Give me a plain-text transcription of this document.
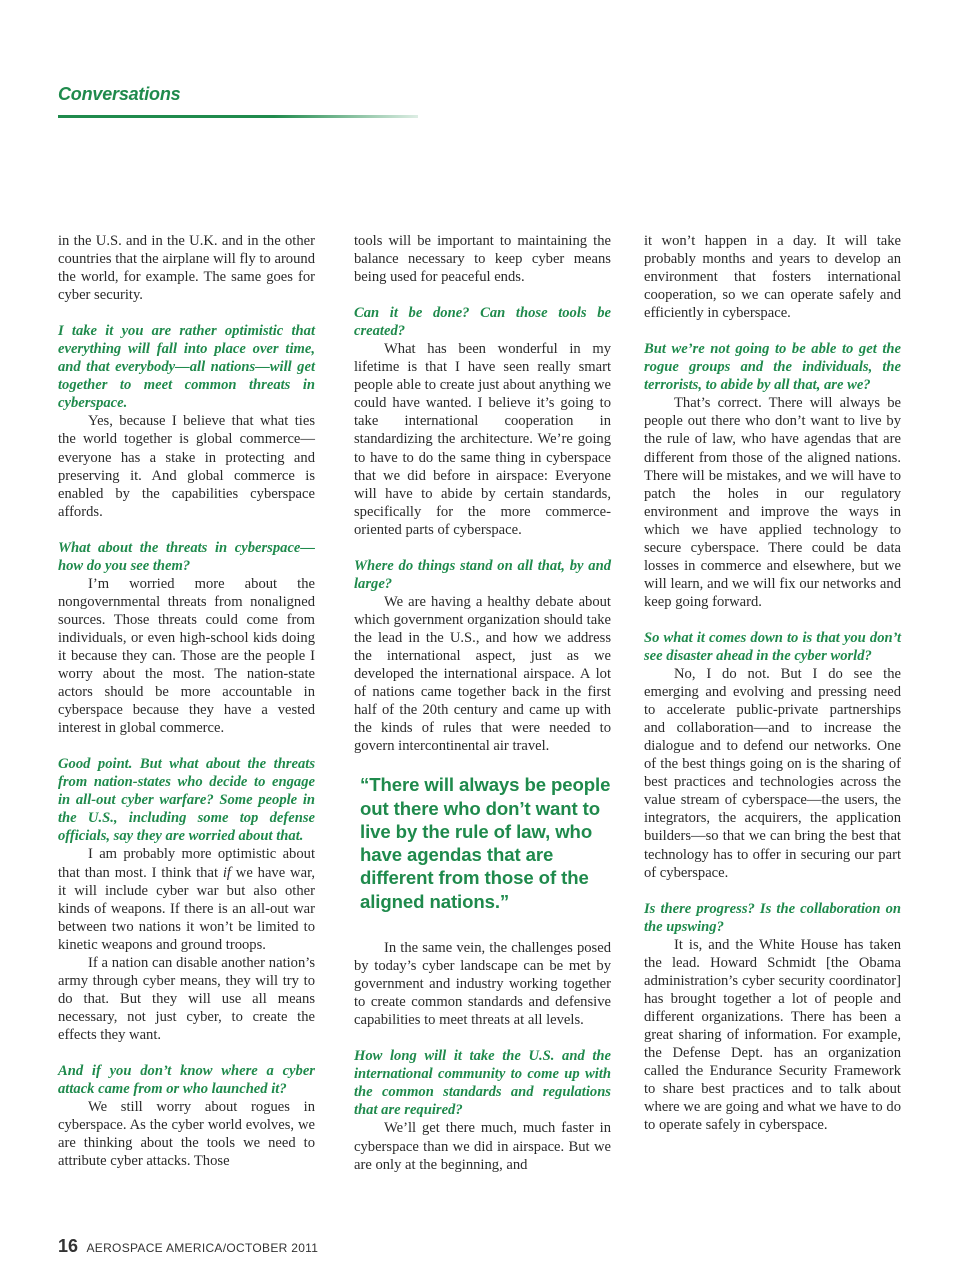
Conversations

in the U.S. and in the U.K. and in the other countries that the airplane will fly to around the world, for example. The same goes for cyber security.

I take it you are rather optimistic that everything will fall into place over time, and that everybody—all nations—will get together to meet common threats in cyberspace.

Yes, because I believe that what ties the world together is global commerce—everyone has a stake in protecting and preserving it. And global commerce is enabled by the capabilities cyberspace affords.

What about the threats in cyberspace—how do you see them?

I’m worried more about the nongovernmental threats from nonaligned sources. Those threats could come from individuals, or even high-school kids doing it because they can. Those are the people I worry about the most. The nation-state actors should be more accountable in cyberspace because they have a vested interest in global commerce.

Good point. But what about the threats from nation-states who decide to engage in all-out cyber warfare? Some people in the U.S., including some top defense officials, say they are worried about that.

I am probably more optimistic about that than most. I think that if we have war, it will include cyber war but also other kinds of weapons. If there is an all-out war between two nations it won’t be limited to kinetic weapons and ground troops.

If a nation can disable another nation’s army through cyber means, they will try to do that. But they will use all means necessary, not just cyber, to create the effects they want.

And if you don’t know where a cyber attack came from or who launched it?

We still worry about rogues in cyberspace. As the cyber world evolves, we are thinking about the tools we need to attribute cyber attacks. Those

tools will be important to maintaining the balance necessary to keep cyber means being used for peaceful ends.

Can it be done? Can those tools be created?

What has been wonderful in my lifetime is that I have seen really smart people able to create just about anything we could have wanted. I believe it’s going to take international cooperation in standardizing the architecture. We’re going to have to do the same thing in cyberspace that we did before in airspace: Everyone will have to abide by certain standards, specifically for the more commerce-oriented parts of cyberspace.

Where do things stand on all that, by and large?

We are having a healthy debate about which government organization should take the lead in the U.S., and how we address the international aspect, just as we developed the international airspace. A lot of nations came together back in the first half of the 20th century and came up with the kinds of rules that were needed to govern intercontinental air travel.

“There will always be people out there who don’t want to live by the rule of law, who have agendas that are different from those of the aligned nations.”

In the same vein, the challenges posed by today’s cyber landscape can be met by government and industry working together to create common standards and defensive capabilities to meet threats at all levels.

How long will it take the U.S. and the international community to come up with the common standards and regulations that are required?

We’ll get there much, much faster in cyberspace than we did in airspace. But we are only at the beginning, and

it won’t happen in a day. It will take probably months and years to develop an environment that fosters international cooperation, so we can operate safely and efficiently in cyberspace.

But we’re not going to be able to get the rogue groups and the individuals, the terrorists, to abide by all that, are we?

That’s correct. There will always be people out there who don’t want to live by the rule of law, who have agendas that are different from those of the aligned nations. There will be mistakes, and we will have to patch the holes in our regulatory environment and improve the ways in which we have applied technology to secure cyberspace. There could be data losses in commerce and elsewhere, but we will learn, and we will fix our networks and keep going forward.

So what it comes down to is that you don’t see disaster ahead in the cyber world?

No, I do not. But I do see the emerging and evolving and pressing need to accelerate public-private partnerships and collaboration—and to increase the dialogue and to defend our networks. One of the best things going on is the sharing of best practices and technologies across the value stream of cyberspace—the users, the integrators, the acquirers, the application builders—so that we can bring the best that technology has to offer in securing our part of cyberspace.

Is there progress? Is the collaboration on the upswing?

It is, and the White House has taken the lead. Howard Schmidt [the Obama administration’s cyber security coordinator] has brought together a lot of people and different organizations. There has been a great sharing of information. For example, the Defense Dept. has an organization called the Endurance Security Framework to share best practices and to talk about where we are going and what we have to do to operate safely in cyberspace.

16 AEROSPACE AMERICA/OCTOBER 2011
